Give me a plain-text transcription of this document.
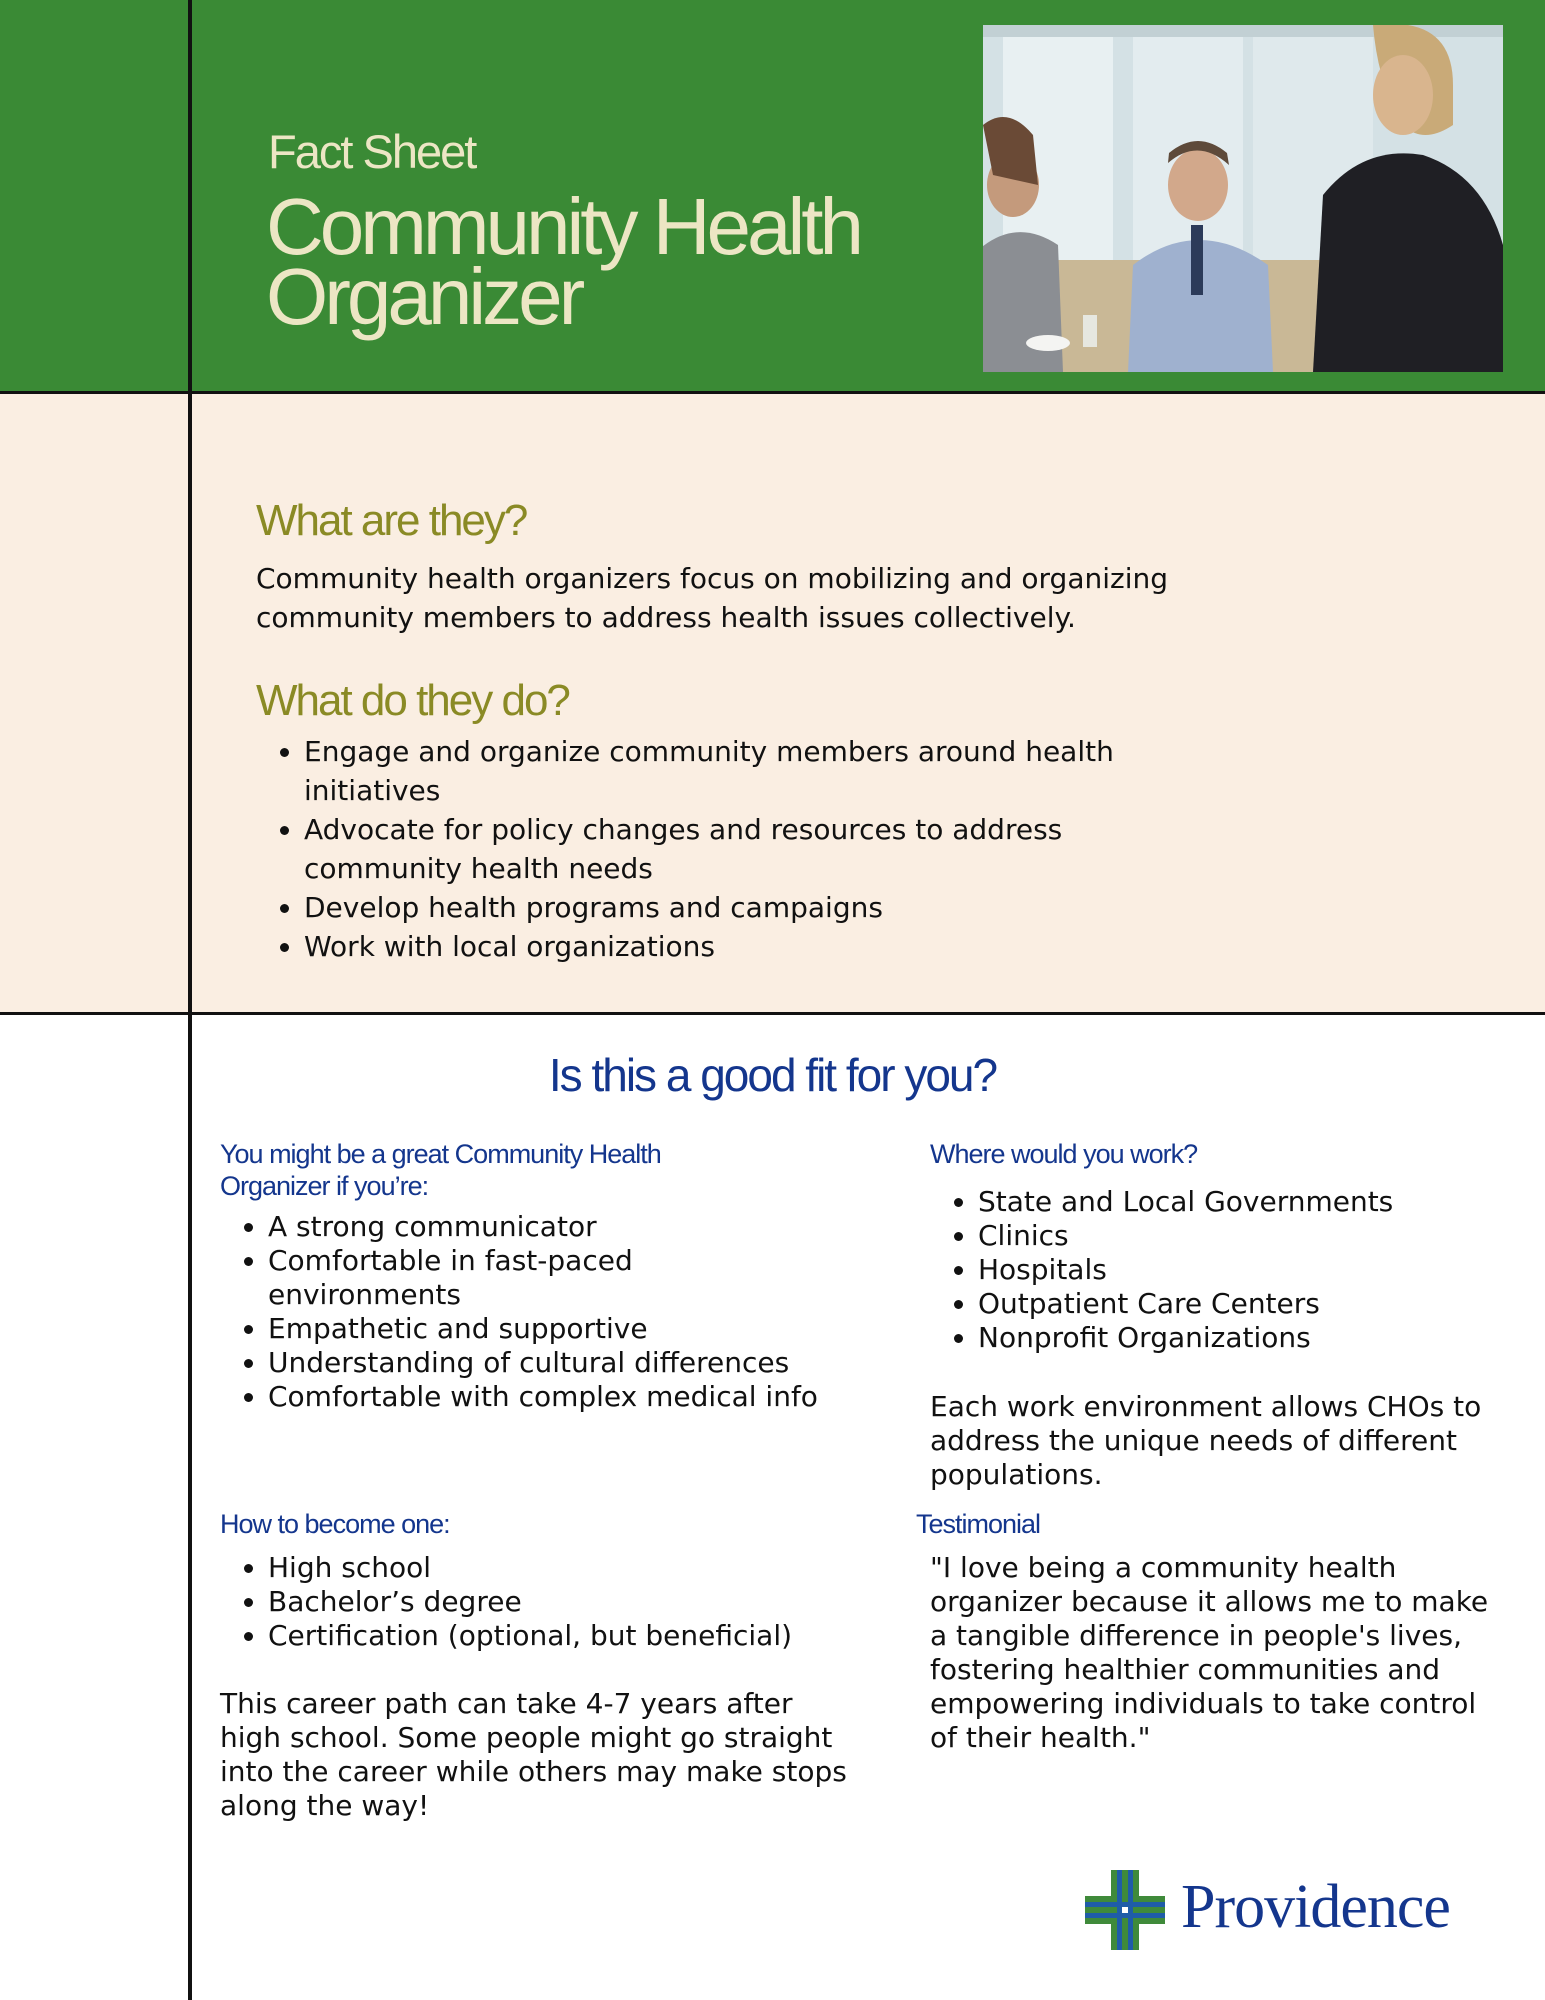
Fact Sheet
Community Health Organizer
What are they?

Community health organizers focus on mobilizing and organizing community members to address health issues collectively.

What do they do?
• Engage and organize community members around health initiatives
• Advocate for policy changes and resources to address community health needs
• Develop health programs and campaigns
• Work with local organizations
Is this a good fit for you?
You might be a great Community Health Organizer if you’re:
• A strong communicator
• Comfortable in fast-paced environments
• Empathetic and supportive
• Understanding of cultural differences
• Comfortable with complex medical info
How to become one:
• High school
• Bachelor’s degree
• Certification (optional, but beneficial)

This career path can take 4-7 years after high school. Some people might go straight into the career while others may make stops along the way!

Where would you work?
• State and Local Governments
• Clinics
• Hospitals
• Outpatient Care Centers
• Nonprofit Organizations

Each work environment allows CHOs to address the unique needs of different populations.

Testimonial

"I love being a community health organizer because it allows me to make a tangible difference in people's lives, fostering healthier communities and empowering individuals to take control of their health."

Providence
